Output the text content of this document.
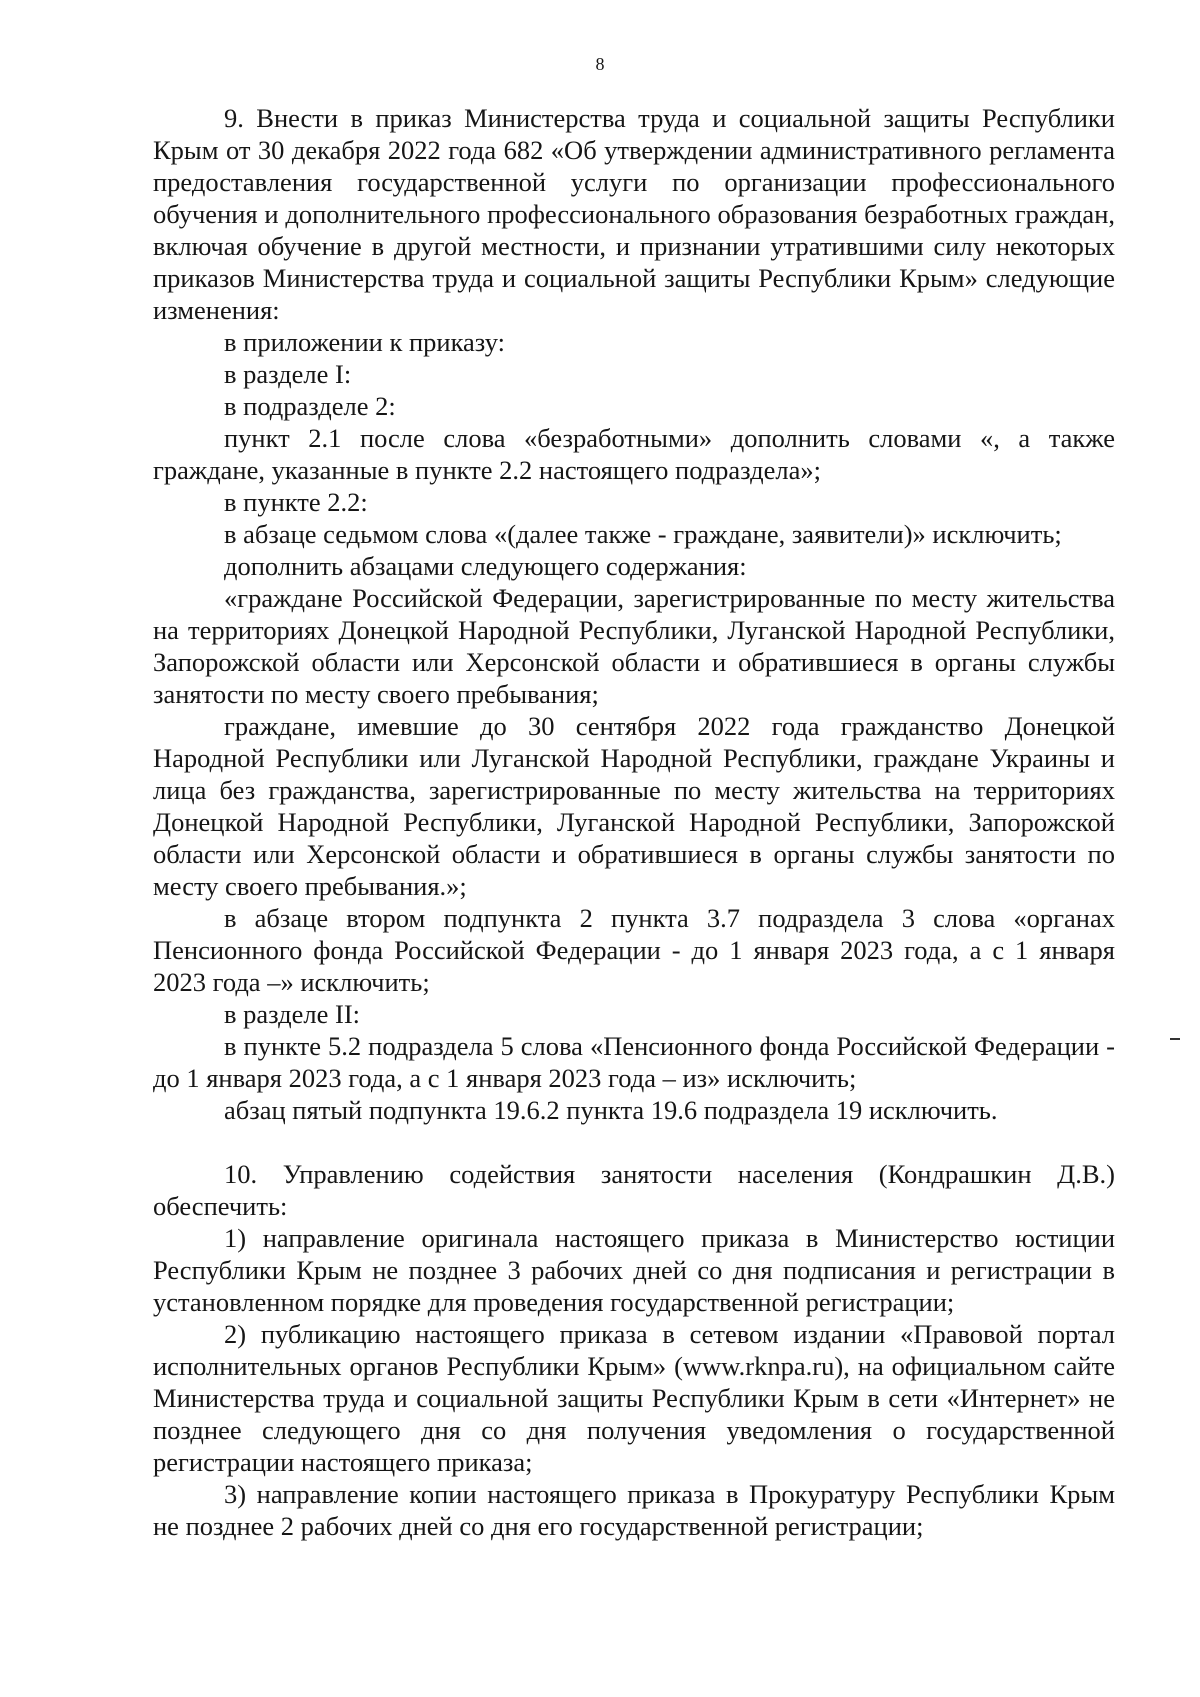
8

9. Внести в приказ Министерства труда и социальной защиты Республики Крым от 30 декабря 2022 года 682 «Об утверждении административного регламента предоставления государственной услуги по организации профессионального обучения и дополнительного профессионального образования безработных граждан, включая обучение в другой местности, и признании утратившими силу некоторых приказов Министерства труда и социальной защиты Республики Крым» следующие изменения:

в приложении к приказу:

в разделе I:

в подразделе 2:

пункт 2.1 после слова «безработными» дополнить словами «, а также граждане, указанные в пункте 2.2 настоящего подраздела»;

в пункте 2.2:

в абзаце седьмом слова «(далее также - граждане, заявители)» исключить;

дополнить абзацами следующего содержания:

«граждане Российской Федерации, зарегистрированные по месту жительства на территориях Донецкой Народной Республики, Луганской Народной Республики, Запорожской области или Херсонской области и обратившиеся в органы службы занятости по месту своего пребывания;

граждане, имевшие до 30 сентября 2022 года гражданство Донецкой Народной Республики или Луганской Народной Республики, граждане Украины и лица без гражданства, зарегистрированные по месту жительства на территориях Донецкой Народной Республики, Луганской Народной Республики, Запорожской области или Херсонской области и обратившиеся в органы службы занятости по месту своего пребывания.»;

в абзаце втором подпункта 2 пункта 3.7 подраздела 3 слова «органах Пенсионного фонда Российской Федерации - до 1 января 2023 года, а с 1 января 2023 года –» исключить;

в разделе II:

в пункте 5.2 подраздела 5 слова «Пенсионного фонда Российской Федерации - до 1 января 2023 года, а с 1 января 2023 года – из» исключить;

абзац пятый подпункта 19.6.2 пункта 19.6 подраздела 19 исключить.

10. Управлению содействия занятости населения (Кондрашкин Д.В.) обеспечить:

1) направление оригинала настоящего приказа в Министерство юстиции Республики Крым не позднее 3 рабочих дней со дня подписания и регистрации в установленном порядке для проведения государственной регистрации;

2) публикацию настоящего приказа в сетевом издании «Правовой портал исполнительных органов Республики Крым» (www.rknpa.ru), на официальном сайте Министерства труда и социальной защиты Республики Крым в сети «Интернет» не позднее следующего дня со дня получения уведомления о государственной регистрации настоящего приказа;

3) направление копии настоящего приказа в Прокуратуру Республики Крым не позднее 2 рабочих дней со дня его государственной регистрации;
